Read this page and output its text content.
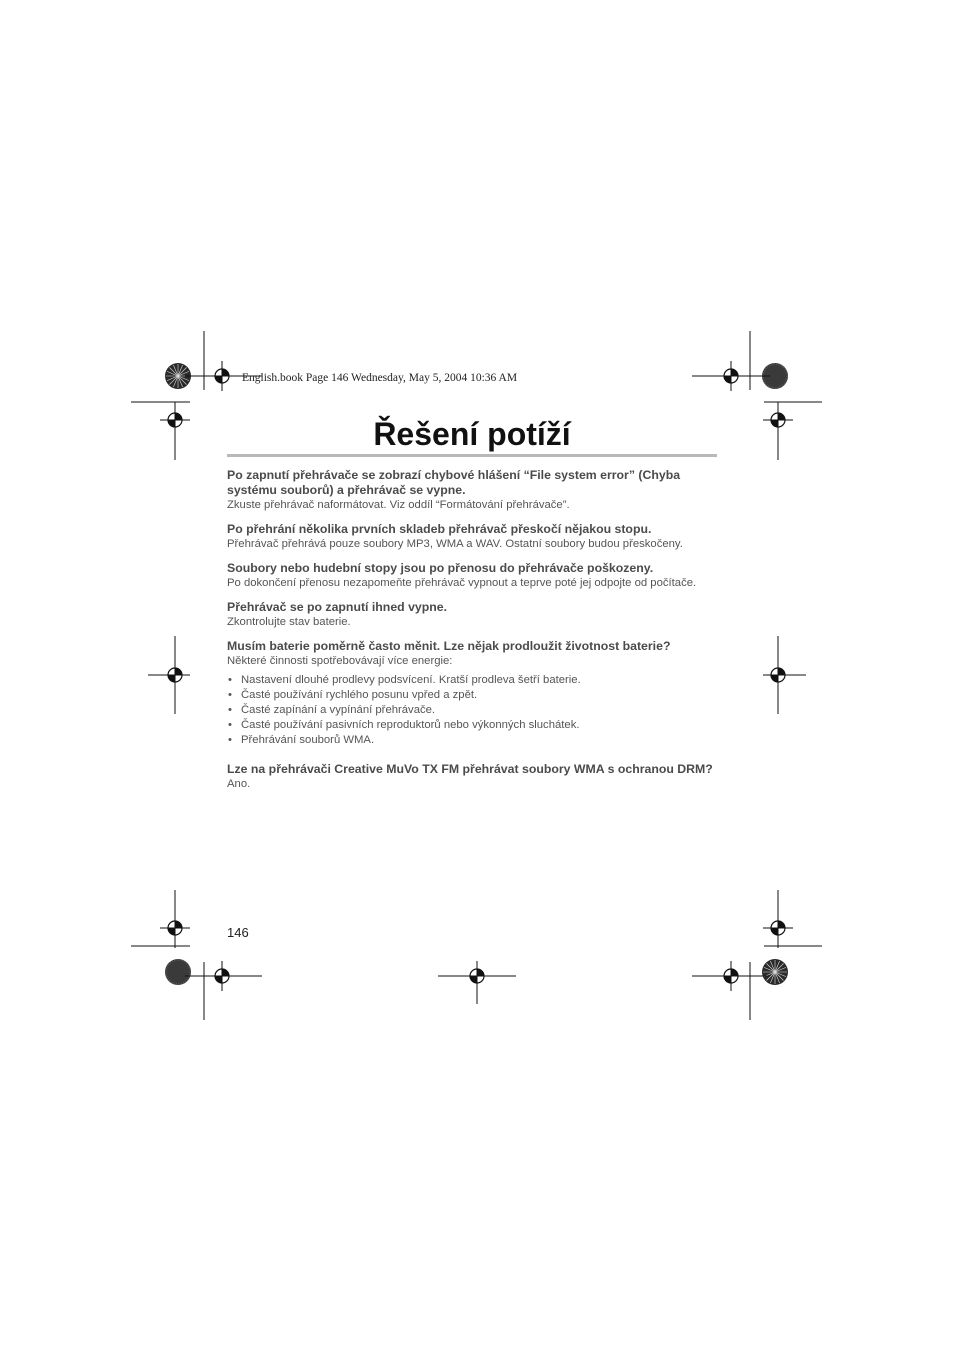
English.book Page 146 Wednesday, May 5, 2004 10:36 AM
Řešení potíží

Po zapnutí přehrávače se zobrazí chybové hlášení “File system error” (Chyba systému souborů) a přehrávač se vypne.

Zkuste přehrávač naformátovat. Viz oddíl “Formátování přehrávače”.

Po přehrání několika prvních skladeb přehrávač přeskočí nějakou stopu.

Přehrávač přehrává pouze soubory MP3, WMA a WAV. Ostatní soubory budou přeskočeny.

Soubory nebo hudební stopy jsou po přenosu do přehrávače poškozeny.

Po dokončení přenosu nezapomeňte přehrávač vypnout a teprve poté jej odpojte od počítače.

Přehrávač se po zapnutí ihned vypne.

Zkontrolujte stav baterie.

Musím baterie poměrně často měnit. Lze nějak prodloužit životnost baterie?

Některé činnosti spotřebovávají více energie:

• Nastavení dlouhé prodlevy podsvícení. Kratší prodleva šetří baterie.
• Časté používání rychlého posunu vpřed a zpět.
• Časté zapínání a vypínání přehrávače.
• Časté používání pasivních reproduktorů nebo výkonných sluchátek.
• Přehrávání souborů WMA.

Lze na přehrávači Creative MuVo TX FM přehrávat soubory WMA s ochranou DRM?

Ano.

146
